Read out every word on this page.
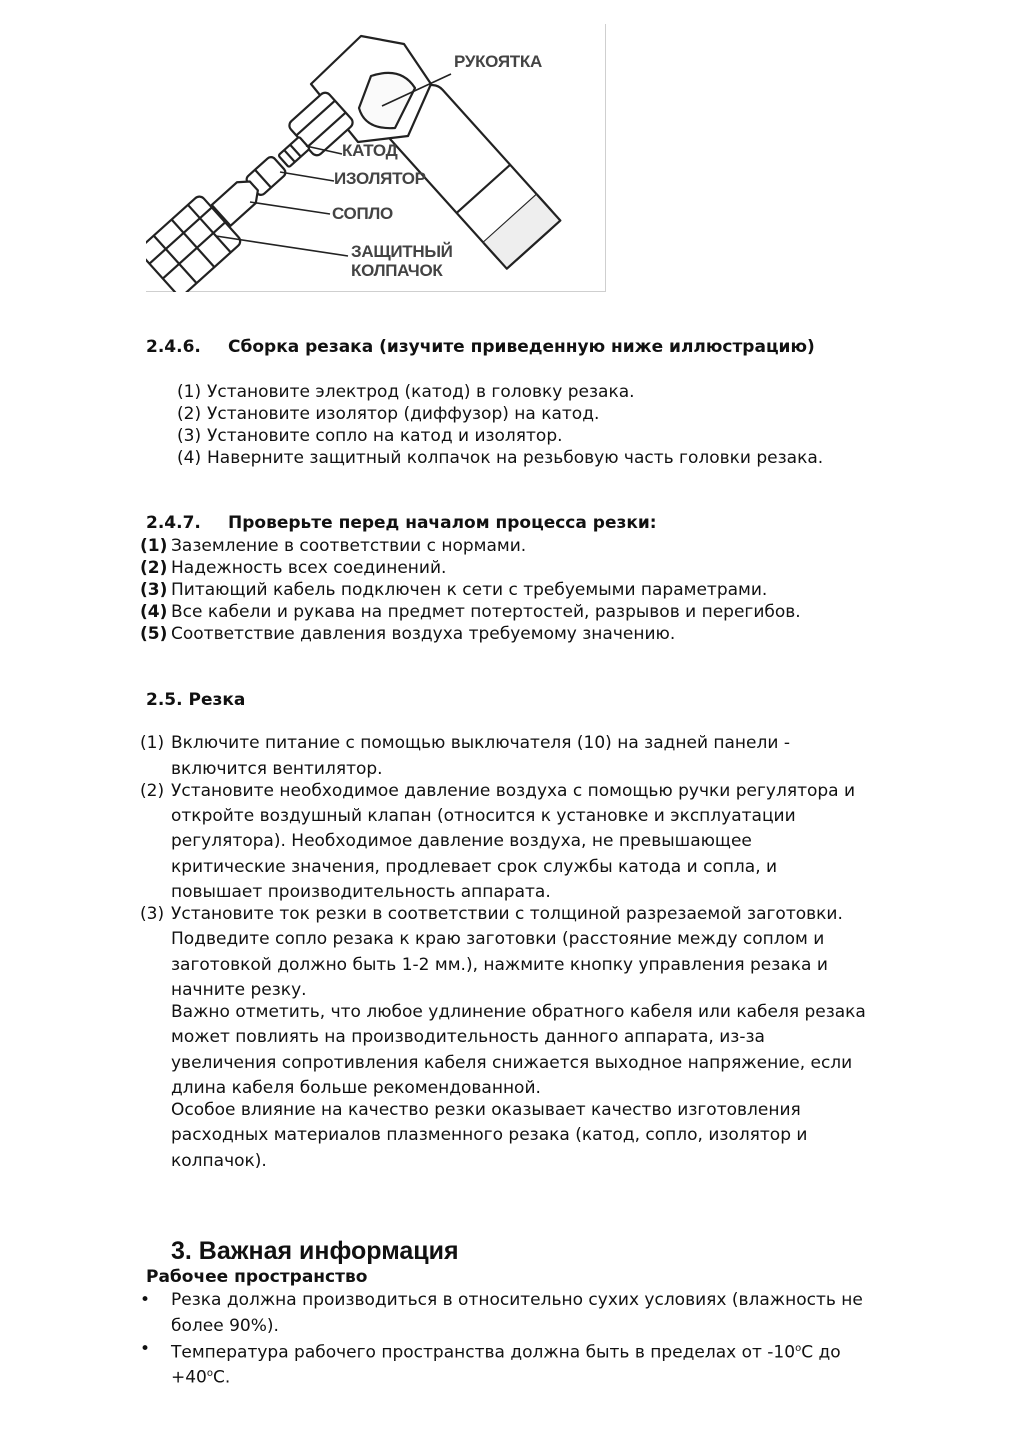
РУКОЯТКА
КАТОД
ИЗОЛЯТОР
СОПЛО
ЗАЩИТНЫЙ
КОЛПАЧОК
2.4.6. Сборка резака (изучите приведенную ниже иллюстрацию)
(1) Установите электрод (катод) в головку резака.
(2) Установите изолятор (диффузор) на катод.
(3) Установите сопло на катод и изолятор.
(4) Наверните защитный колпачок на резьбовую часть головки резака.
2.4.7. Проверьте перед началом процесса резки:
(1) Заземление в соответствии с нормами.
(2) Надежность всех соединений.
(3) Питающий кабель подключен к сети с требуемыми параметрами.
(4) Все кабели и рукава на предмет потертостей, разрывов и перегибов.
(5) Соответствие давления воздуха требуемому значению.
2.5. Резка
(1) Включите питание с помощью выключателя (10) на задней панели -
включится вентилятор.
(2) Установите необходимое давление воздуха с помощью ручки регулятора и
откройте воздушный клапан (относится к установке и эксплуатации
регулятора). Необходимое давление воздуха, не превышающее
критические значения, продлевает срок службы катода и сопла, и
повышает производительность аппарата.
(3) Установите ток резки в соответствии с толщиной разрезаемой заготовки.
Подведите сопло резака к краю заготовки (расстояние между соплом и
заготовкой должно быть 1-2 мм.), нажмите кнопку управления резака и
начните резку.
Важно отметить, что любое удлинение обратного кабеля или кабеля резака
может повлиять на производительность данного аппарата, из-за
увеличения сопротивления кабеля снижается выходное напряжение, если
длина кабеля больше рекомендованной.
Особое влияние на качество резки оказывает качество изготовления
расходных материалов плазменного резака (катод, сопло, изолятор и
колпачок).
3. Важная информация
Рабочее пространство
• Резка должна производиться в относительно сухих условиях (влажность не
более 90%).
• Температура рабочего пространства должна быть в пределах от -10$^o$С до
$+40^oС$.
